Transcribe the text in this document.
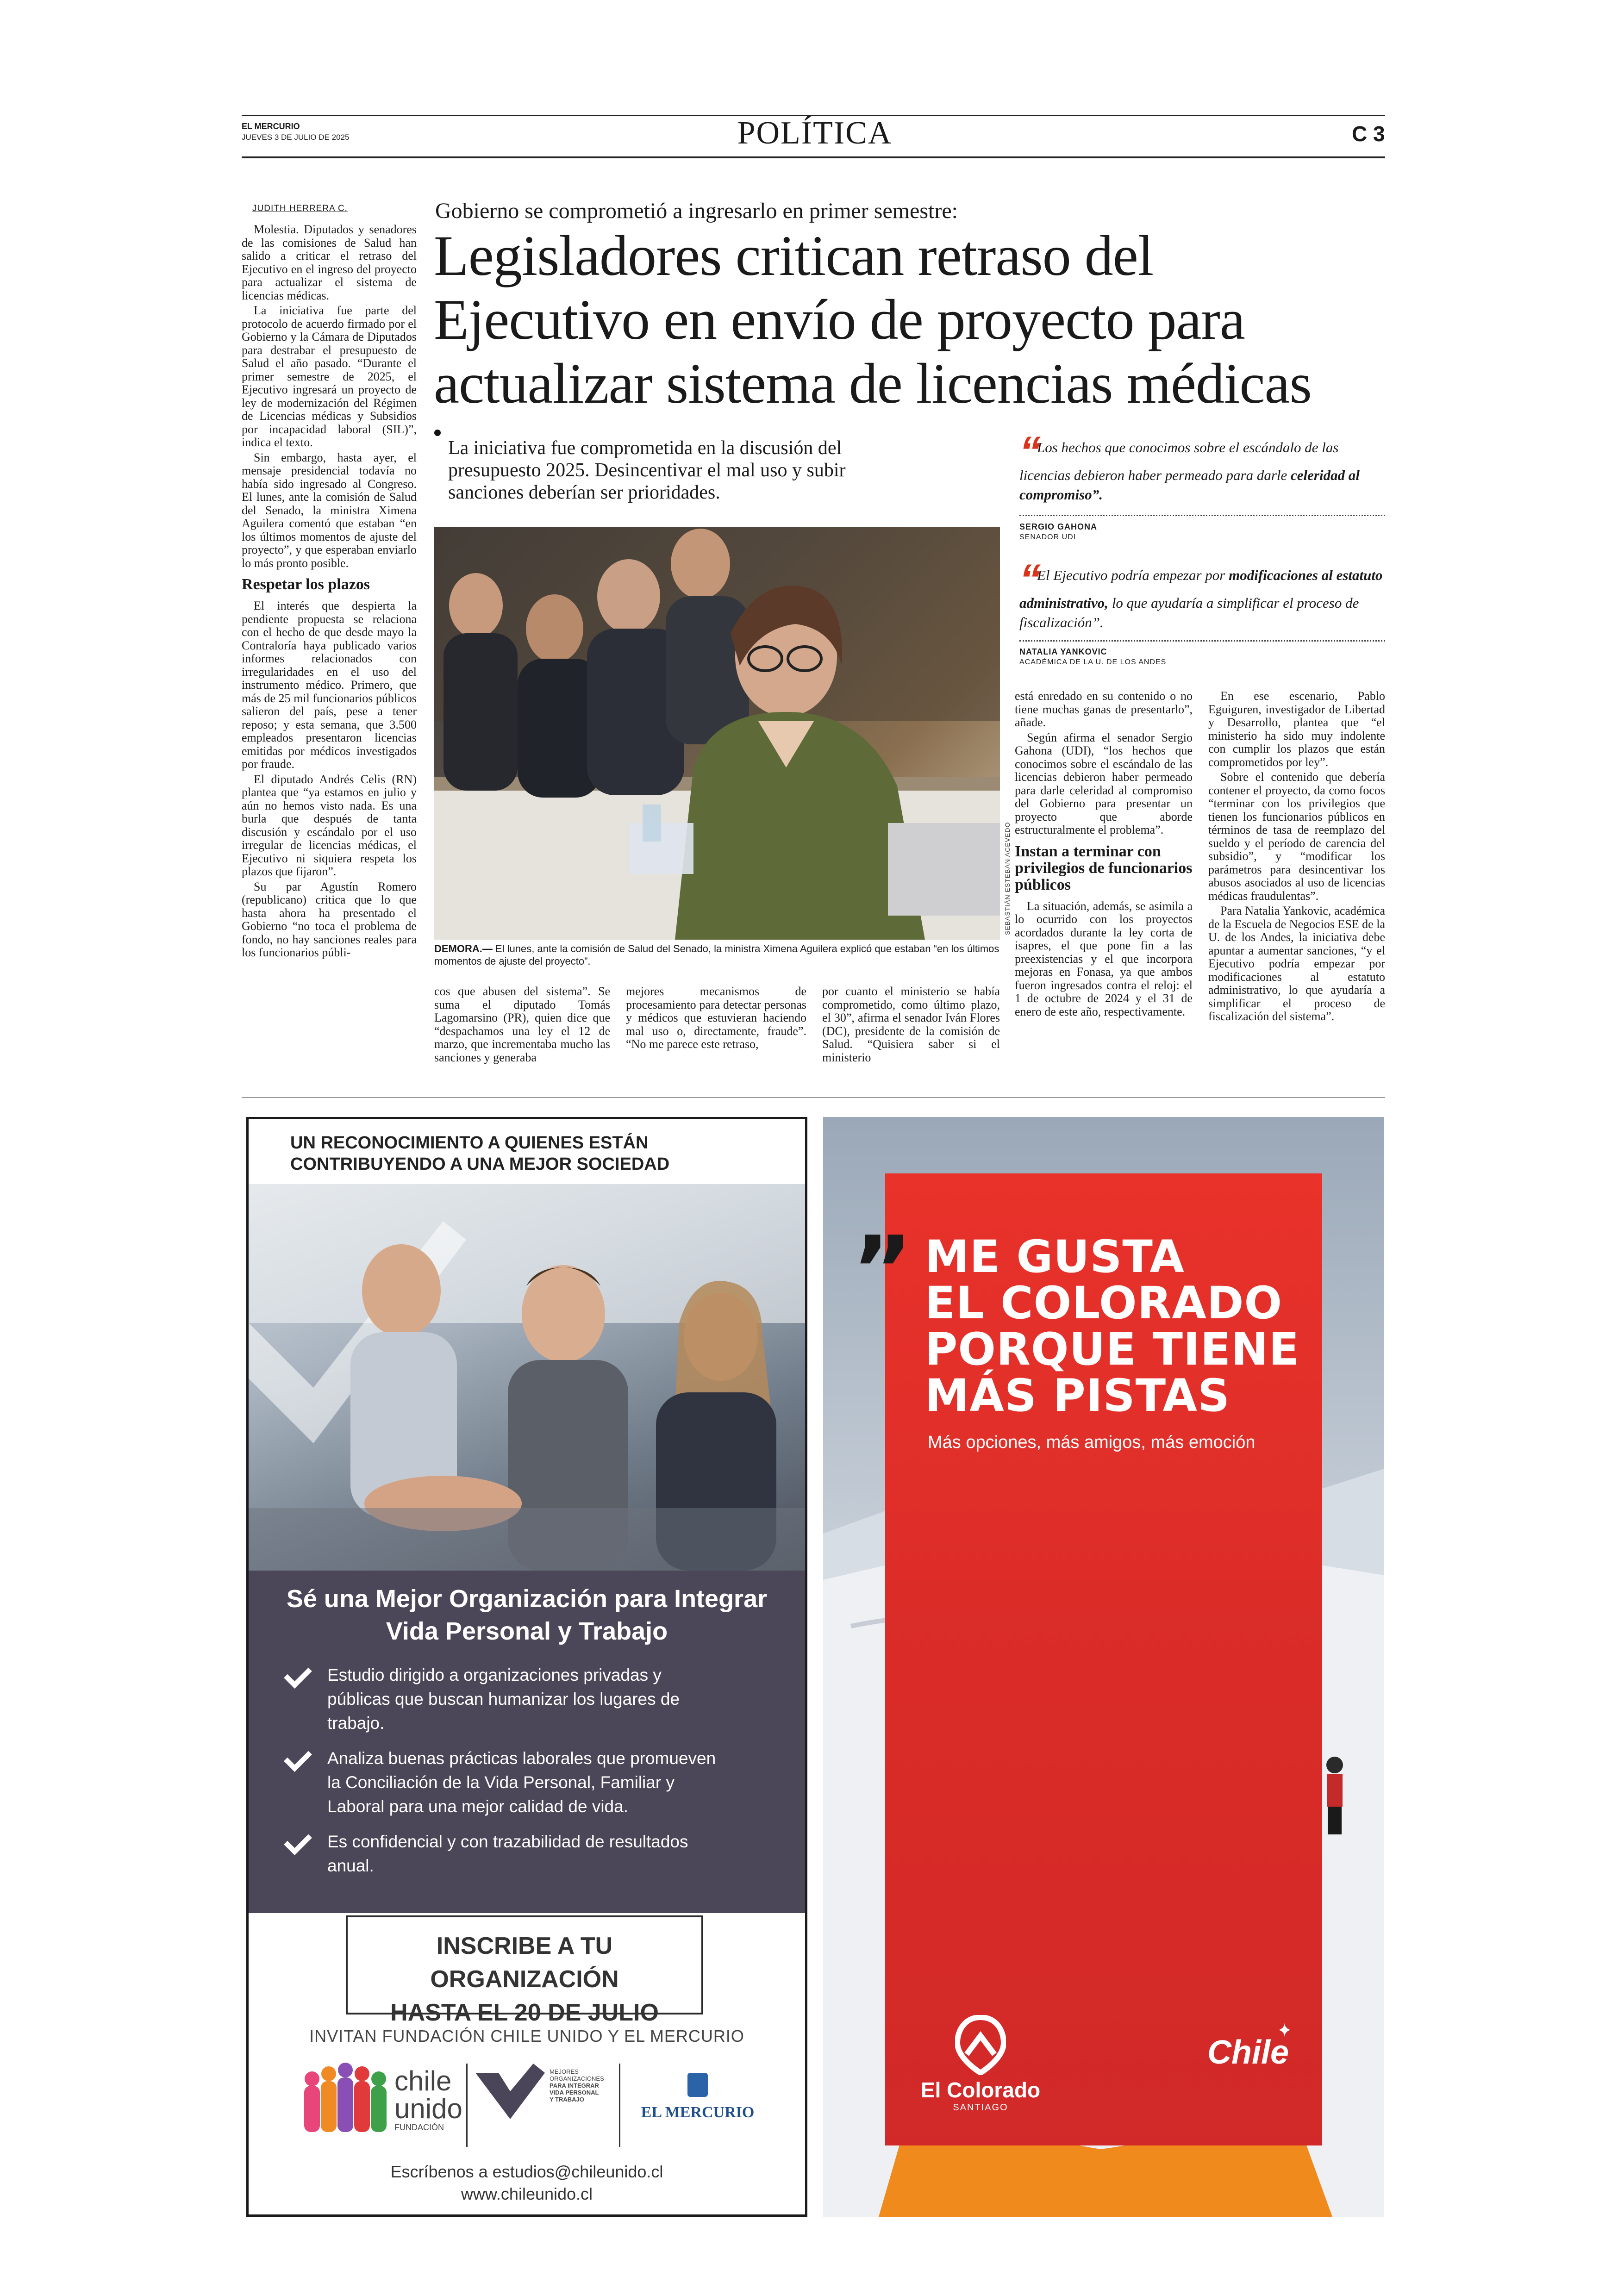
EL MERCURIO
JUEVES 3 DE JULIO DE 2025	POLÍTICA	C 3
JUDITH HERRERA C.

Molestia. Diputados y senadores de las comisiones de Salud han salido a criticar el retraso del Ejecutivo en el ingreso del proyecto para actualizar el sistema de licencias médicas.

La iniciativa fue parte del protocolo de acuerdo firmado por el Gobierno y la Cámara de Diputados para destrabar el presupuesto de Salud el año pasado. “Durante el primer semestre de 2025, el Ejecutivo ingresará un proyecto de ley de modernización del Régimen de Licencias médicas y Subsidios por incapacidad laboral (SIL)”, indica el texto.

Sin embargo, hasta ayer, el mensaje presidencial todavía no había sido ingresado al Congreso. El lunes, ante la comisión de Salud del Senado, la ministra Ximena Aguilera comentó que estaban “en los últimos momentos de ajuste del proyecto”, y que esperaban enviarlo lo más pronto posible.

Respetar los plazos

El interés que despierta la pendiente propuesta se relaciona con el hecho de que desde mayo la Contraloría haya publicado varios informes relacionados con irregularidades en el uso del instrumento médico. Primero, que más de 25 mil funcionarios públicos salieron del país, pese a tener reposo; y esta semana, que 3.500 empleados presentaron licencias emitidas por médicos investigados por fraude.

El diputado Andrés Celis (RN) plantea que “ya estamos en julio y aún no hemos visto nada. Es una burla que después de tanta discusión y escándalo por el uso irregular de licencias médicas, el Ejecutivo ni siquiera respeta los plazos que fijaron”.

Su par Agustín Romero (republicano) critica que lo que hasta ahora ha presentado el Gobierno “no toca el problema de fondo, no hay sanciones reales para los funcionarios públi-

Gobierno se comprometió a ingresarlo en primer semestre:
Legisladores critican retraso del
Ejecutivo en envío de proyecto para
actualizar sistema de licencias médicas
La iniciativa fue comprometida en la discusión del
presupuesto 2025. Desincentivar el mal uso y subir
sanciones deberían ser prioridades.
SEBASTIÁN ESTEBAN ACEVEDO
DEMORA.— El lunes, ante la comisión de Salud del Senado, la ministra Ximena Aguilera explicó que estaban “en los últimos momentos de ajuste del proyecto”.

cos que abusen del sistema”. Se suma el diputado Tomás Lagomarsino (PR), quien dice que “despachamos una ley el 12 de marzo, que incrementaba mucho las sanciones y generaba

mejores mecanismos de procesamiento para detectar personas y médicos que estuvieran haciendo mal uso o, directamente, fraude”. “No me parece este retraso,

por cuanto el ministerio se había comprometido, como último plazo, el 30”, afirma el senador Iván Flores (DC), presidente de la comisión de Salud. “Quisiera saber si el ministerio

“ Los hechos que conocimos sobre el escándalo de las licencias debieron haber permeado para darle celeridad al compromiso”.
SERGIO GAHONA
SENADOR UDI
“ El Ejecutivo podría empezar por modificaciones al estatuto administrativo, lo que ayudaría a simplificar el proceso de fiscalización”.
NATALIA YANKOVIC
ACADÉMICA DE LA U. DE LOS ANDES

está enredado en su contenido o no tiene muchas ganas de presentarlo”, añade.

Según afirma el senador Sergio Gahona (UDI), “los hechos que conocimos sobre el escándalo de las licencias debieron haber permeado para darle celeridad al compromiso del Gobierno para presentar un proyecto que aborde estructuralmente el problema”.

Instan a terminar con privilegios de funcionarios públicos

La situación, además, se asimila a lo ocurrido con los proyectos acordados durante la ley corta de isapres, el que pone fin a las preexistencias y el que incorpora mejoras en Fonasa, ya que ambos fueron ingresados contra el reloj: el 1 de octubre de 2024 y el 31 de enero de este año, respectivamente.

En ese escenario, Pablo Eguiguren, investigador de Libertad y Desarrollo, plantea que “el ministerio ha sido muy indolente con cumplir los plazos que están comprometidos por ley”.

Sobre el contenido que debería contener el proyecto, da como focos “terminar con los privilegios que tienen los funcionarios públicos en términos de tasa de reemplazo del sueldo y el período de carencia del subsidio”, y “modificar los parámetros para desincentivar los abusos asociados al uso de licencias médicas fraudulentas”.

Para Natalia Yankovic, académica de la Escuela de Negocios ESE de la U. de los Andes, la iniciativa debe apuntar a aumentar sanciones, “y el Ejecutivo podría empezar por modificaciones al estatuto administrativo, lo que ayudaría a simplificar el proceso de fiscalización del sistema”.

UN RECONOCIMIENTO A QUIENES ESTÁN
CONTRIBUYENDO A UNA MEJOR SOCIEDAD
Sé una Mejor Organización para Integrar
Vida Personal y Trabajo
Estudio dirigido a organizaciones privadas y
públicas que buscan humanizar los lugares de
trabajo.
Analiza buenas prácticas laborales que promueven
la Conciliación de la Vida Personal, Familiar y
Laboral para una mejor calidad de vida.
Es confidencial y con trazabilidad de resultados
anual.
INSCRIBE A TU ORGANIZACIÓN
HASTA EL 20 DE JULIO
INVITAN FUNDACIÓN CHILE UNIDO Y EL MERCURIO
chile
unido
FUNDACIÓN
MEJORES
ORGANIZACIONES
PARA INTEGRAR
VIDA PERSONAL
Y TRABAJO
EL MERCURIO
Escríbenos a estudios@chileunido.cl
www.chileunido.cl
” ME GUSTA
EL COLORADO
PORQUE TIENE
MÁS PISTAS
Más opciones, más amigos, más emoción
El Colorado
SANTIAGO
✦
Chile
